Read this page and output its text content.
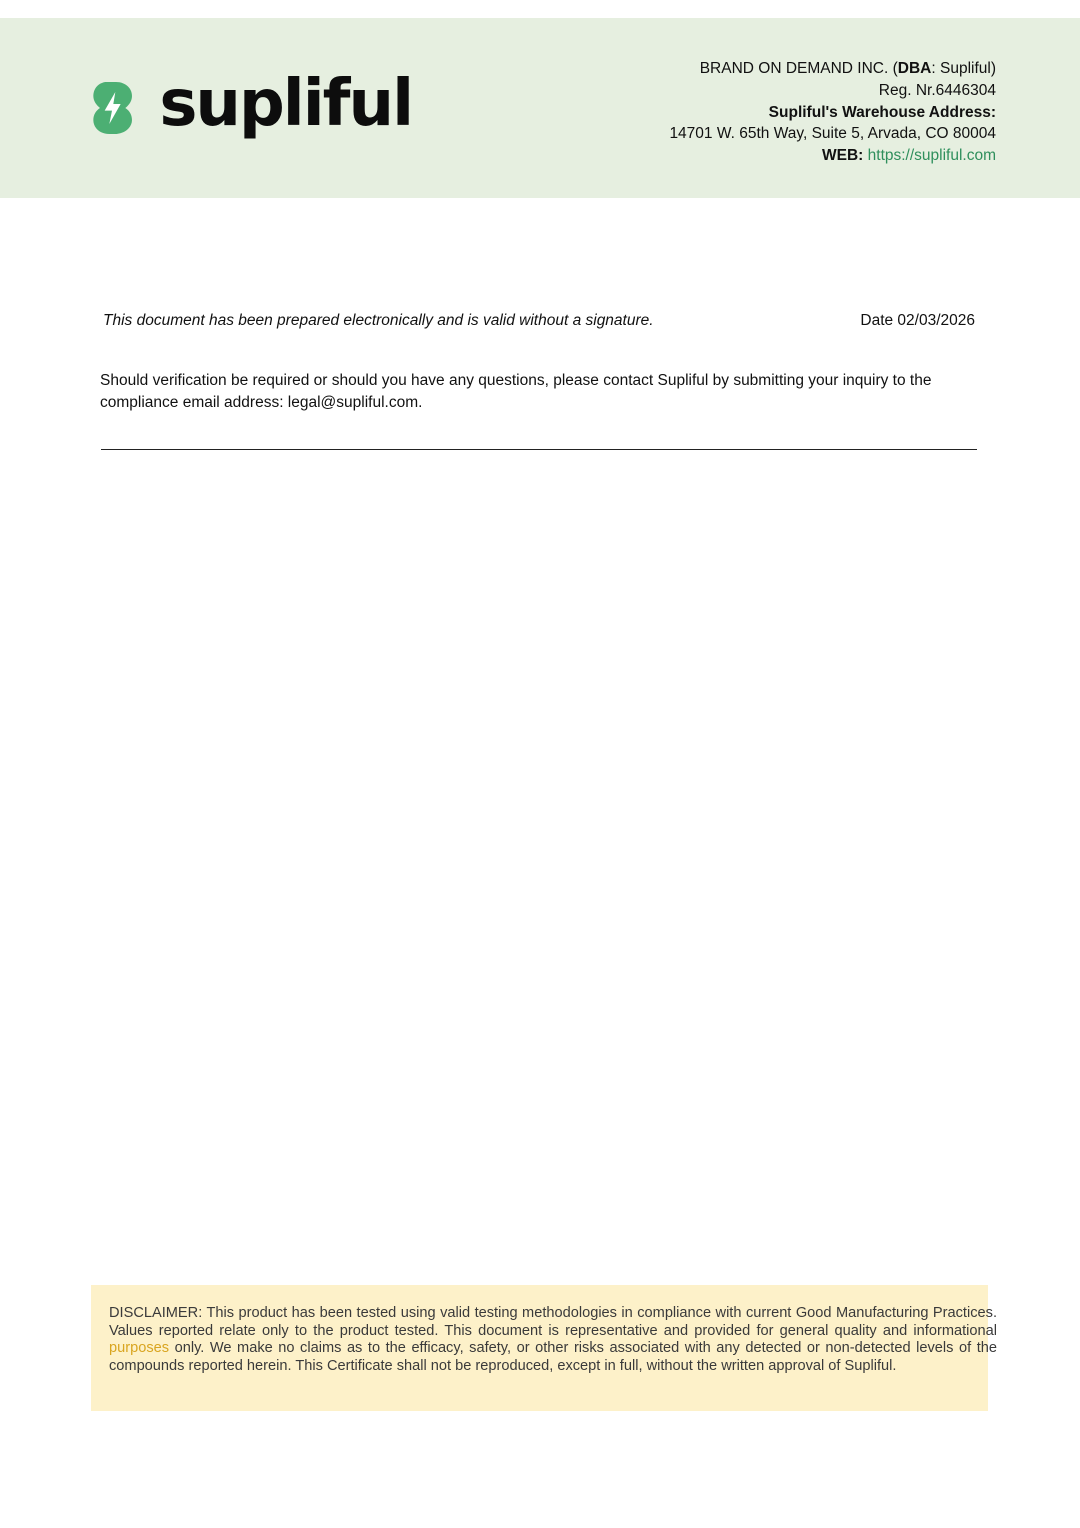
supliful	BRAND ON DEMAND INC. (DBA: Supliful)
Reg. Nr.6446304
Supliful's Warehouse Address:
14701 W. 65th Way, Suite 5, Arvada, CO 80004
WEB: https://supliful.com
This document has been prepared electronically and is valid without a signature.	Date 02/03/2026
Should verification be required or should you have any questions, please contact Supliful by submitting your inquiry to the compliance email address: legal@supliful.com.
DISCLAIMER: This product has been tested using valid testing methodologies in compliance with current Good Manufacturing Practices. Values reported relate only to the product tested. This document is representative and provided for general quality and informational purposes only. We make no claims as to the efficacy, safety, or other risks associated with any detected or non-detected levels of the compounds reported herein. This Certificate shall not be reproduced, except in full, without the written approval of Supliful.
